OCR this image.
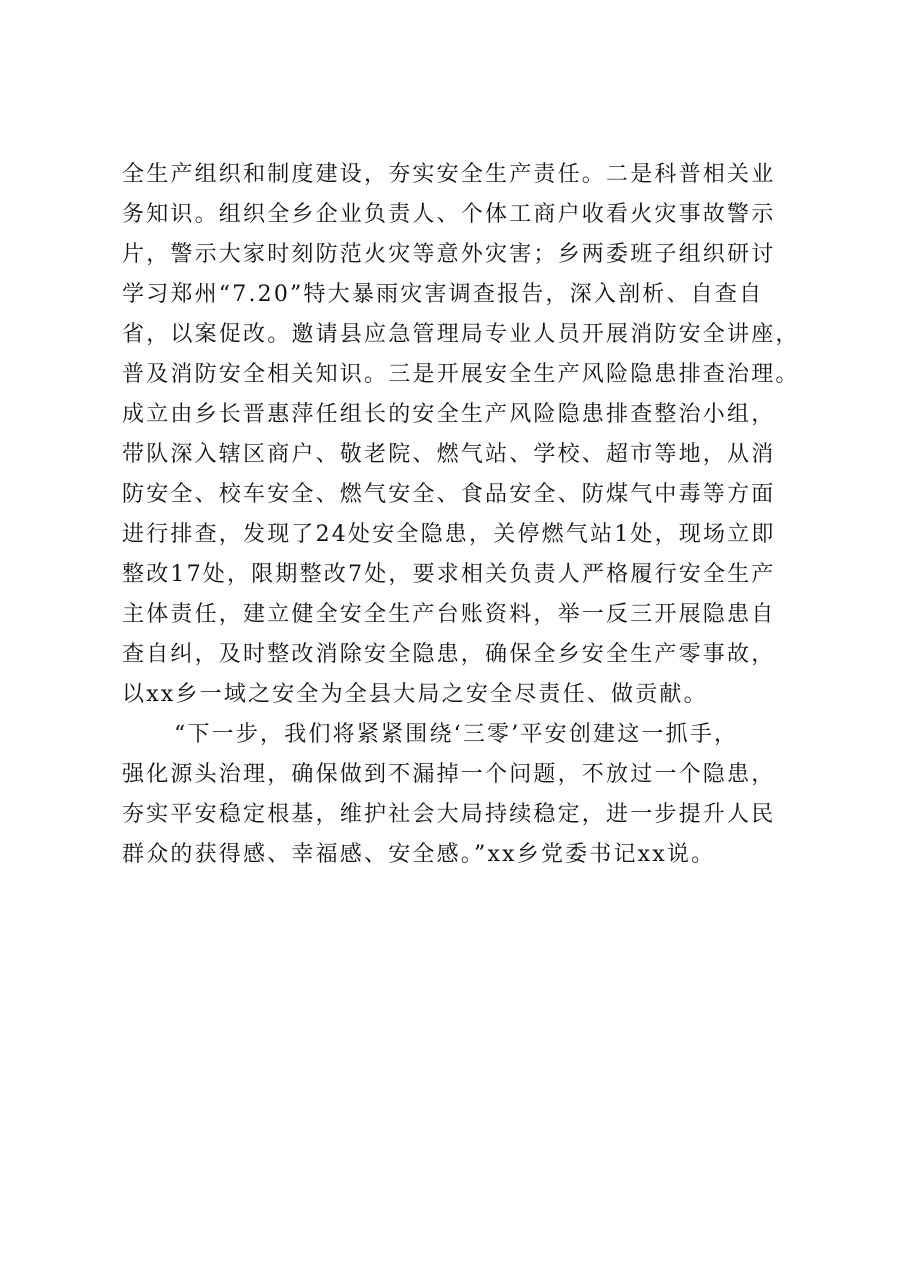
全生产组织和制度建设，夯实安全生产责任。二是科普相关业
务知识。组织全乡企业负责人、个体工商户收看火灾事故警示
片，警示大家时刻防范火灾等意外灾害；乡两委班子组织研讨
学习郑州“7.20”特大暴雨灾害调查报告，深入剖析、自查自
省，以案促改。邀请县应急管理局专业人员开展消防安全讲座，
普及消防安全相关知识。三是开展安全生产风险隐患排查治理。
成立由乡长晋惠萍任组长的安全生产风险隐患排查整治小组，
带队深入辖区商户、敬老院、燃气站、学校、超市等地，从消
防安全、校车安全、燃气安全、食品安全、防煤气中毒等方面
进行排查，发现了24处安全隐患，关停燃气站1处，现场立即
整改17处，限期整改7处，要求相关负责人严格履行安全生产
主体责任，建立健全安全生产台账资料，举一反三开展隐患自
查自纠，及时整改消除安全隐患，确保全乡安全生产零事故，
以xx乡一域之安全为全县大局之安全尽责任、做贡献。
“下一步，我们将紧紧围绕‘三零’平安创建这一抓手，
强化源头治理，确保做到不漏掉一个问题，不放过一个隐患，
夯实平安稳定根基，维护社会大局持续稳定，进一步提升人民
群众的获得感、幸福感、安全感。”xx乡党委书记xx说。
